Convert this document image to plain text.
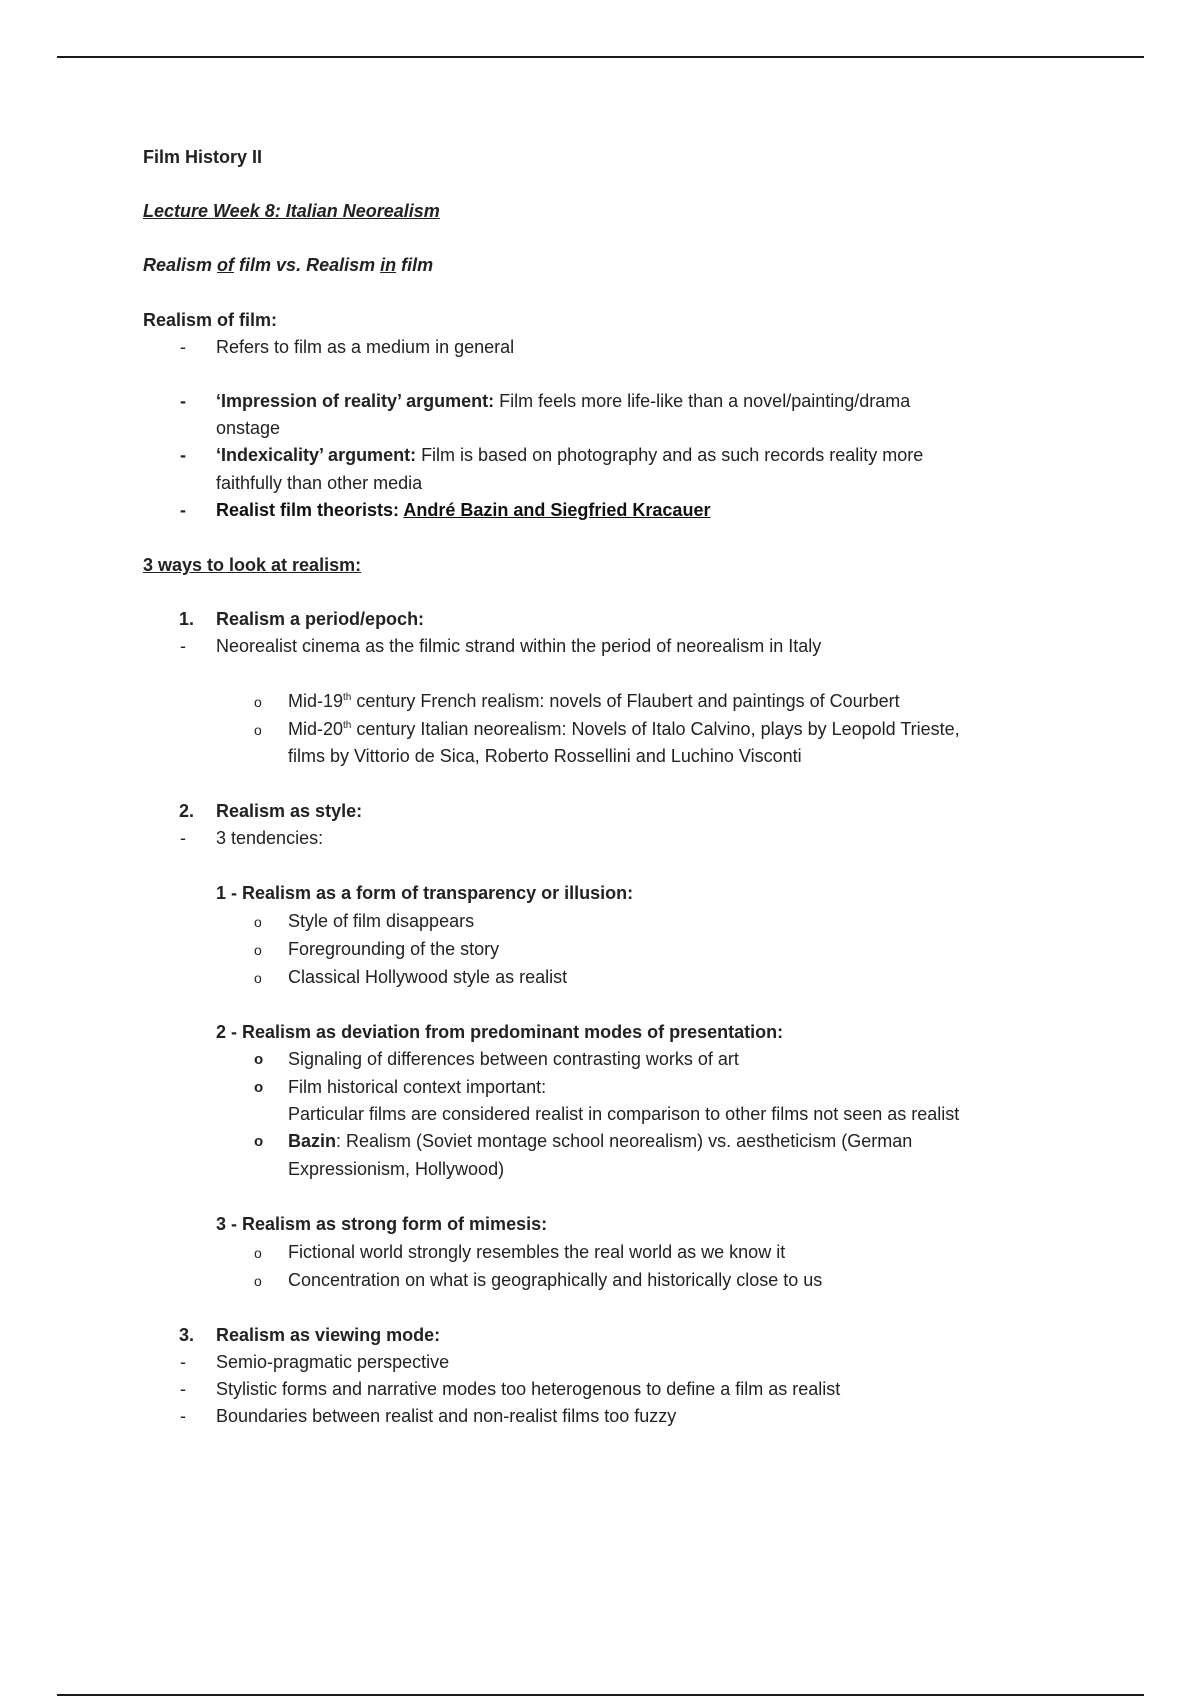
Film History II
Lecture Week 8: Italian Neorealism
Realism of film vs. Realism in film
Realism of film:
- Refers to film as a medium in general
- ‘Impression of reality’ argument: Film feels more life-like than a novel/painting/drama
onstage
- ‘Indexicality’ argument: Film is based on photography and as such records reality more
faithfully than other media
- Realist film theorists: André Bazin and Siegfried Kracauer
3 ways to look at realism:
1. Realism a period/epoch:
- Neorealist cinema as the filmic strand within the period of neorealism in Italy
o Mid-19th century French realism: novels of Flaubert and paintings of Courbert
o Mid-20th century Italian neorealism: Novels of Italo Calvino, plays by Leopold Trieste,
films by Vittorio de Sica, Roberto Rossellini and Luchino Visconti
2. Realism as style:
- 3 tendencies:
1 - Realism as a form of transparency or illusion:
o Style of film disappears
o Foregrounding of the story
o Classical Hollywood style as realist
2 - Realism as deviation from predominant modes of presentation:
o Signaling of differences between contrasting works of art
o Film historical context important:
Particular films are considered realist in comparison to other films not seen as realist
o Bazin: Realism (Soviet montage school neorealism) vs. aestheticism (German
Expressionism, Hollywood)
3 - Realism as strong form of mimesis:
o Fictional world strongly resembles the real world as we know it
o Concentration on what is geographically and historically close to us
3. Realism as viewing mode:
- Semio-pragmatic perspective
- Stylistic forms and narrative modes too heterogenous to define a film as realist
- Boundaries between realist and non-realist films too fuzzy
